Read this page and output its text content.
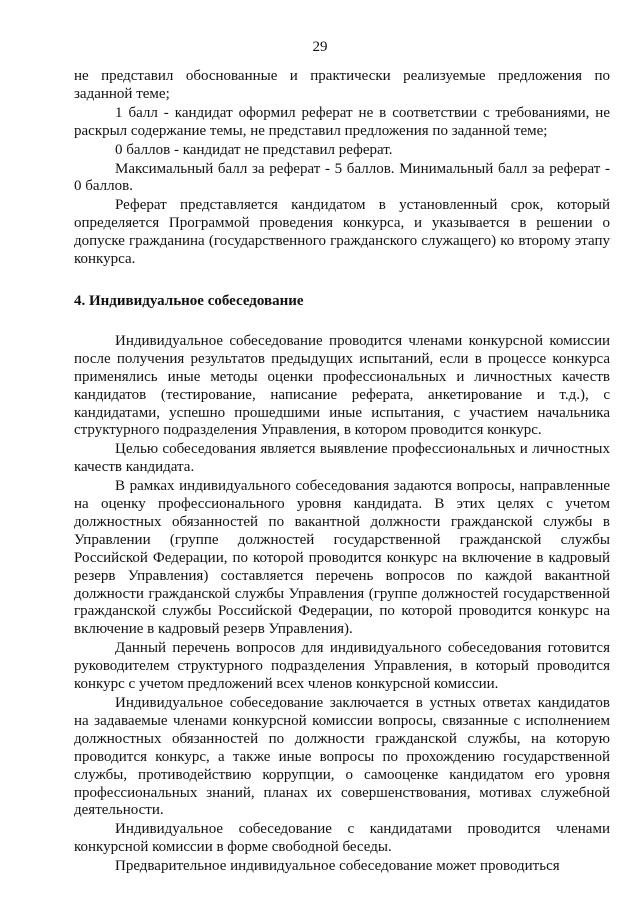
29

не представил обоснованные и практически реализуемые предложения по заданной теме;

1 балл - кандидат оформил реферат не в соответствии с требованиями, не раскрыл содержание темы, не представил предложения по заданной теме;

0 баллов - кандидат не представил реферат.

Максимальный балл за реферат - 5 баллов. Минимальный балл за реферат - 0 баллов.

Реферат представляется кандидатом в установленный срок, который определяется Программой проведения конкурса, и указывается в решении о допуске гражданина (государственного гражданского служащего) ко второму этапу конкурса.

4. Индивидуальное собеседование

Индивидуальное собеседование проводится членами конкурсной комиссии после получения результатов предыдущих испытаний, если в процессе конкурса применялись иные методы оценки профессиональных и личностных качеств кандидатов (тестирование, написание реферата, анкетирование и т.д.), с кандидатами, успешно прошедшими иные испытания, с участием начальника структурного подразделения Управления, в котором проводится конкурс.

Целью собеседования является выявление профессиональных и личностных качеств кандидата.

В рамках индивидуального собеседования задаются вопросы, направленные на оценку профессионального уровня кандидата. В этих целях с учетом должностных обязанностей по вакантной должности гражданской службы в Управлении (группе должностей государственной гражданской службы Российской Федерации, по которой проводится конкурс на включение в кадровый резерв Управления) составляется перечень вопросов по каждой вакантной должности гражданской службы Управления (группе должностей государственной гражданской службы Российской Федерации, по которой проводится конкурс на включение в кадровый резерв Управления).

Данный перечень вопросов для индивидуального собеседования готовится руководителем структурного подразделения Управления, в который проводится конкурс с учетом предложений всех членов конкурсной комиссии.

Индивидуальное собеседование заключается в устных ответах кандидатов на задаваемые членами конкурсной комиссии вопросы, связанные с исполнением должностных обязанностей по должности гражданской службы, на которую проводится конкурс, а также иные вопросы по прохождению государственной службы, противодействию коррупции, о самооценке кандидатом его уровня профессиональных знаний, планах их совершенствования, мотивах служебной деятельности.

Индивидуальное собеседование с кандидатами проводится членами конкурсной комиссии в форме свободной беседы.

Предварительное индивидуальное собеседование может проводиться
